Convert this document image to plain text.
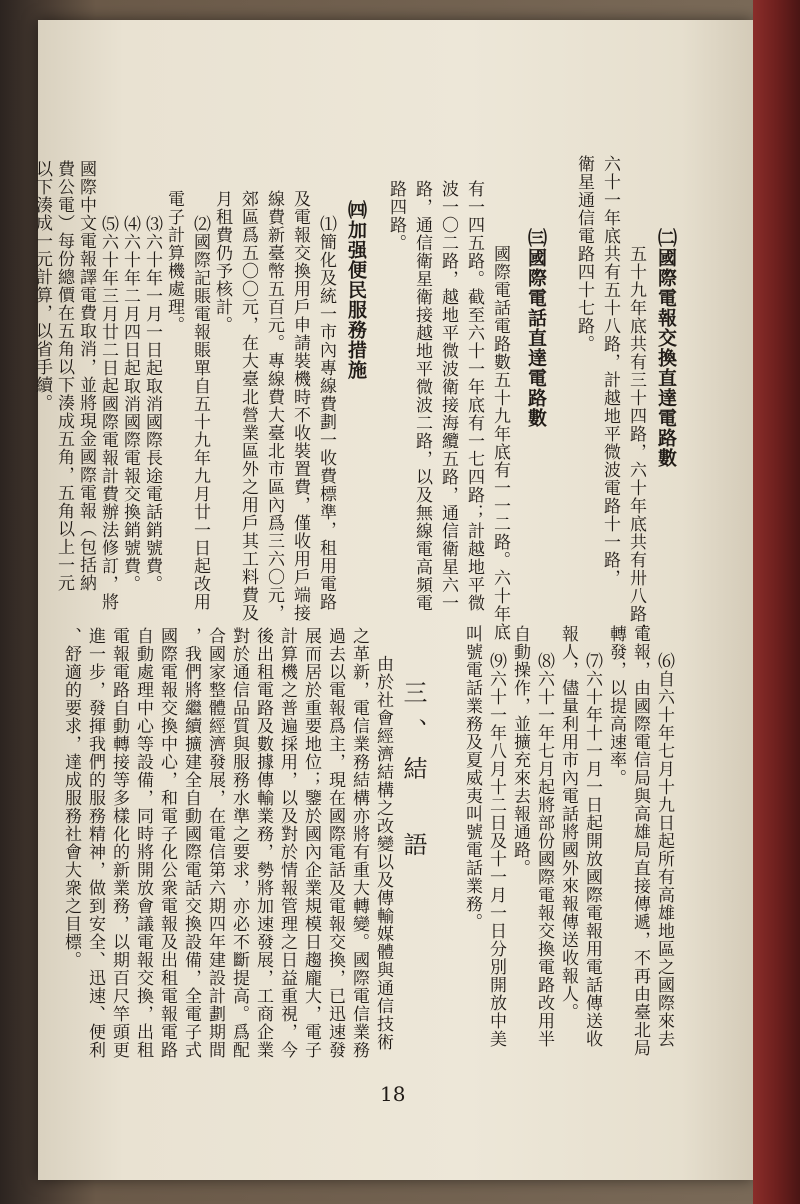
㈡國際電報交換直達電路數
五十九年底共有三十四路，六十年底共有卅八路，
六十一年底共有五十八路，計越地平微波電路十一路，
衛星通信電路四十七路。
㈢國際電話直達電路數
國際電話電路數五十九年底有一一二路。六十年底
有一四五路。截至六十一年底有一七四路；計越地平微
波一〇二路，越地平微波衛接海纜五路，通信衛星六一
路，通信衛星衛接越地平微波二路，以及無線電高頻電
路四路。
㈣加强便民服務措施
⑴簡化及統一市內專線費劃一收費標準，租用電路
及電報交換用戶申請裝機時不收裝置費，僅收用戶端接
線費新臺幣五百元。專線費大臺北市區內爲三六〇元，
郊區爲五〇〇元，在大臺北營業區外之用戶其工料費及
月租費仍予核計。
⑵國際記賬電報賬單自五十九年九月廿一日起改用
電子計算機處理。
⑶六十年一月一日起取消國際長途電話銷號費。
⑷六十年二月四日起取消國際電報交換銷號費。
⑸六十年三月廿二日起國際電報計費辦法修訂，將
國際中文電報譯電費取消，並將現金國際電報（包括納
費公電）每份總價在五角以下湊成五角，五角以上一元
以下湊成一元計算，以省手續。
⑹自六十年七月十九日起所有高雄地區之國際來去
電報，由國際電信局與高雄局直接傳遞，不再由臺北局
轉發，以提高速率。
⑺六十年十一月一日起開放國際電報用電話傳送收
報人，儘量利用市內電話將國外來報傳送收報人。
⑻六十一年七月起將部份國際電報交換電路改用半
自動操作，並擴充來去報通路。
⑼六十一年八月十二日及十一月一日分別開放中美
叫號電話業務及夏威夷叫號電話業務。
三、結　語
由於社會經濟結構之改變以及傳輸媒體與通信技術
之革新，電信業務結構亦將有重大轉變。國際電信業務
過去以電報爲主，現在國際電話及電報交換，已迅速發
展而居於重要地位；鑒於國內企業規模日趨龐大，電子
計算機之普遍採用，以及對於情報管理之日益重視，今
後出租電路及數據傳輸業務，勢將加速發展，工商企業
對於通信品質與服務水準之要求，亦必不斷提高。爲配
合國家整體經濟發展，在電信第六期四年建設計劃期間
，我們將繼續擴建全自動國際電話交換設備，全電子式
國際電報交換中心，和電子化公衆電報及出租電報電路
自動處理中心等設備，同時將開放會議電報交換，出租
電報電路自動轉接等多樣化的新業務，以期百尺竿頭更
進一步，發揮我們的服務精神，做到安全、迅速、便利
、舒適的要求，達成服務社會大衆之目標。
18
